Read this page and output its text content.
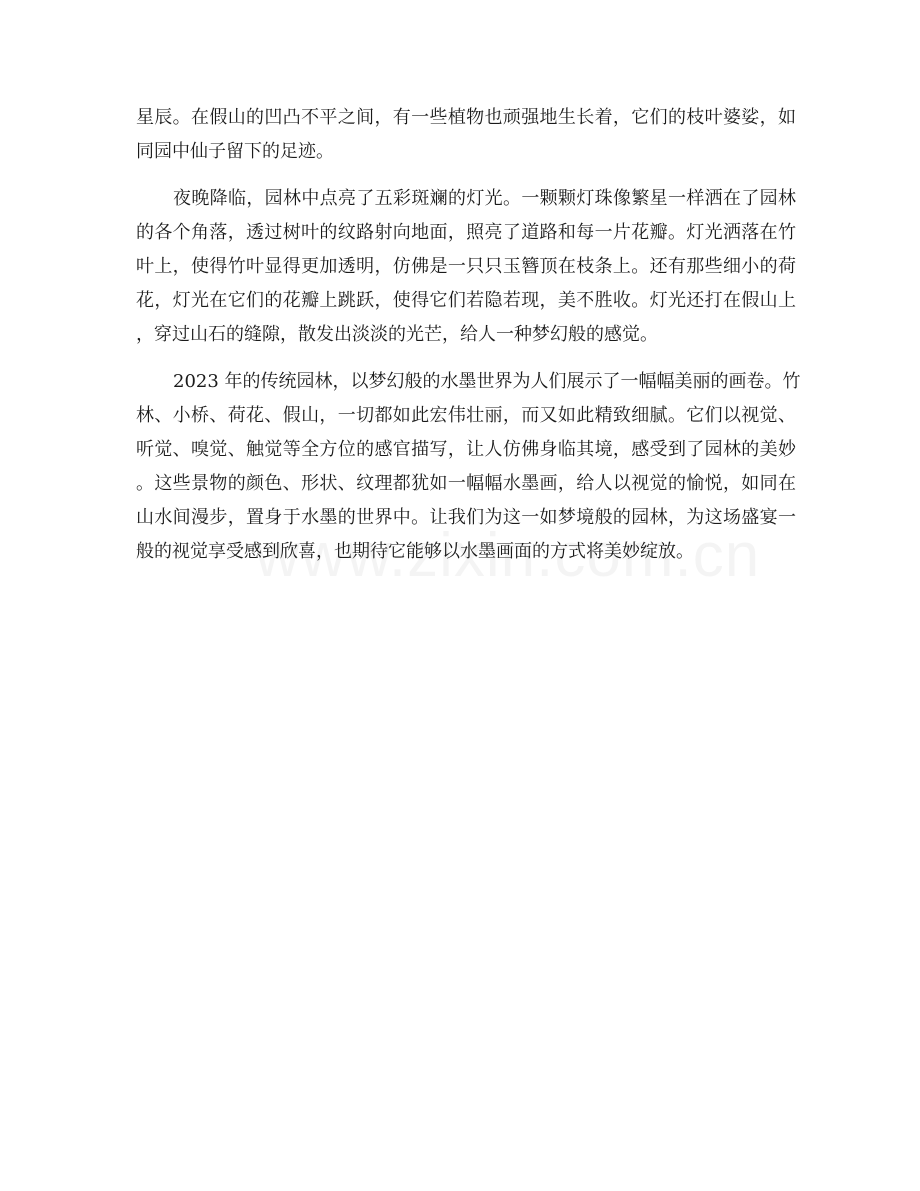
星辰。在假山的凹凸不平之间，有一些植物也顽强地生长着，它们的枝叶婆娑，如
同园中仙子留下的足迹。
夜晚降临，园林中点亮了五彩斑斓的灯光。一颗颗灯珠像繁星一样洒在了园林
的各个角落，透过树叶的纹路射向地面，照亮了道路和每一片花瓣。灯光洒落在竹
叶上，使得竹叶显得更加透明，仿佛是一只只玉簪顶在枝条上。还有那些细小的荷
花，灯光在它们的花瓣上跳跃，使得它们若隐若现，美不胜收。灯光还打在假山上
，穿过山石的缝隙，散发出淡淡的光芒，给人一种梦幻般的感觉。
2023 年的传统园林，以梦幻般的水墨世界为人们展示了一幅幅美丽的画卷。竹
林、小桥、荷花、假山，一切都如此宏伟壮丽，而又如此精致细腻。它们以视觉、
听觉、嗅觉、触觉等全方位的感官描写，让人仿佛身临其境，感受到了园林的美妙
。这些景物的颜色、形状、纹理都犹如一幅幅水墨画，给人以视觉的愉悦，如同在
山水间漫步，置身于水墨的世界中。让我们为这一如梦境般的园林，为这场盛宴一
般的视觉享受感到欣喜，也期待它能够以水墨画面的方式将美妙绽放。
